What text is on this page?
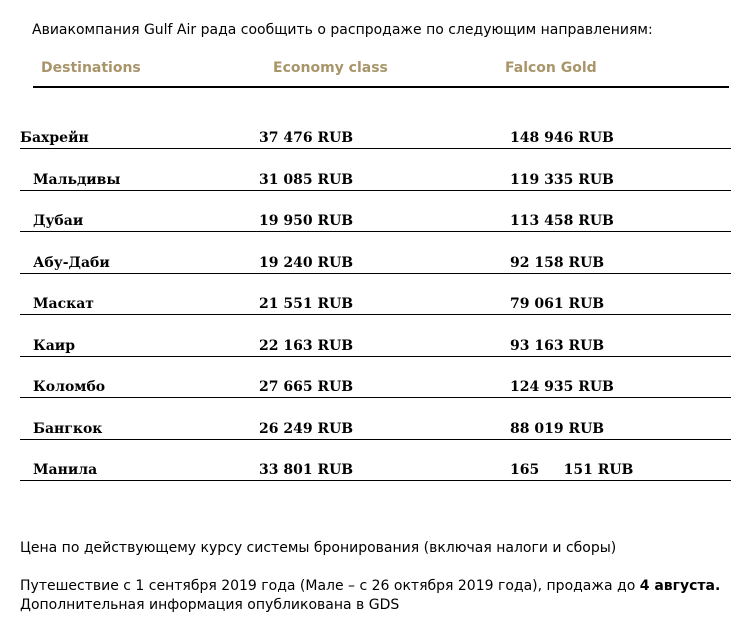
Авиакомпания Gulf Air рада сообщить о распродаже по следующим направлениям:
Destinations	Economy class	Falcon Gold
Бахрейн	37 476 RUB	148 946 RUB
Мальдивы	31 085 RUB	119 335 RUB
Дубаи	19 950 RUB	113 458 RUB
Абу-Даби	19 240 RUB	92 158 RUB
Маскат	21 551 RUB	79 061 RUB
Каир	22 163 RUB	93 163 RUB
Коломбо	27 665 RUB	124 935 RUB
Бангкок	26 249 RUB	88 019 RUB
Манила	33 801 RUB	165     151 RUB
Цена по действующему курсу системы бронирования (включая налоги и сборы)
Путешествие с 1 сентября 2019 года (Мале – с 26 октября 2019 года), продажа до 4 августа.
Дополнительная информация опубликована в GDS
